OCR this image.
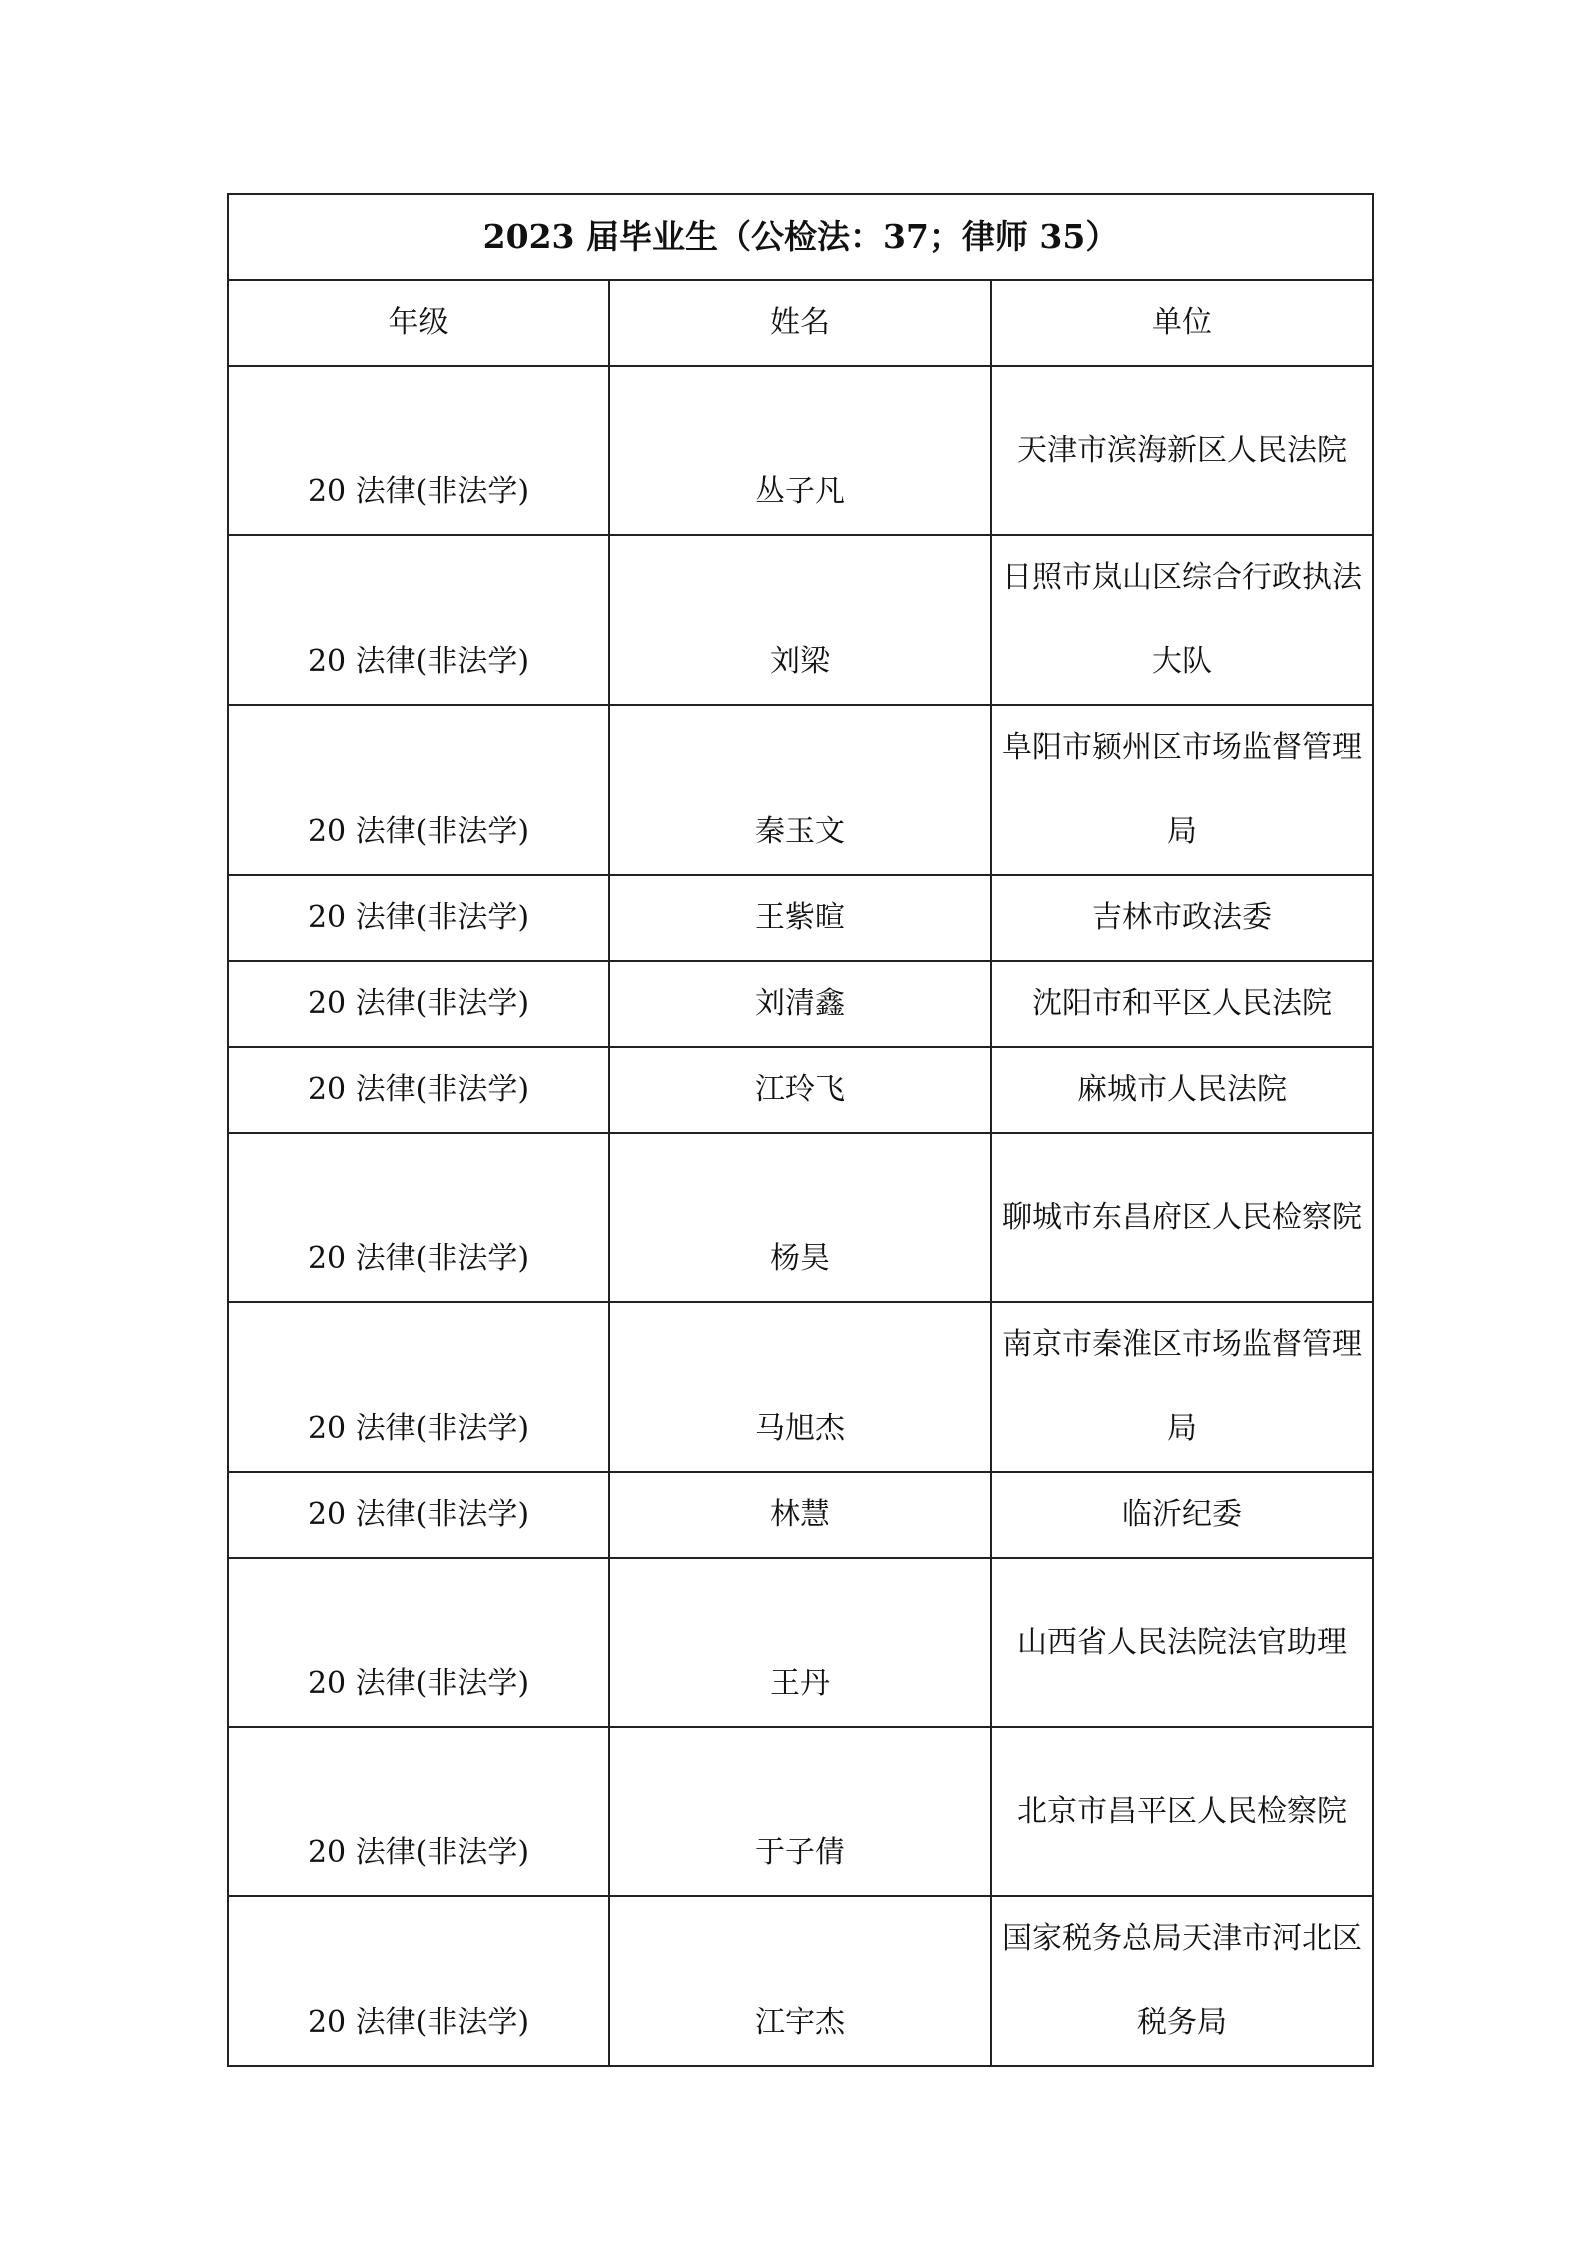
2023 届毕业生（公检法：37；律师 35）		
年级	姓名	单位
20 法律(非法学)	丛子凡	天津市滨海新区人民法院
20 法律(非法学)	刘梁	日照市岚山区综合行政执法大队
20 法律(非法学)	秦玉文	阜阳市颍州区市场监督管理局
20 法律(非法学)	王紫暄	吉林市政法委
20 法律(非法学)	刘清鑫	沈阳市和平区人民法院
20 法律(非法学)	江玲飞	麻城市人民法院
20 法律(非法学)	杨昊	聊城市东昌府区人民检察院
20 法律(非法学)	马旭杰	南京市秦淮区市场监督管理局
20 法律(非法学)	林慧	临沂纪委
20 法律(非法学)	王丹	山西省人民法院法官助理
20 法律(非法学)	于子倩	北京市昌平区人民检察院
20 法律(非法学)	江宇杰	国家税务总局天津市河北区税务局
